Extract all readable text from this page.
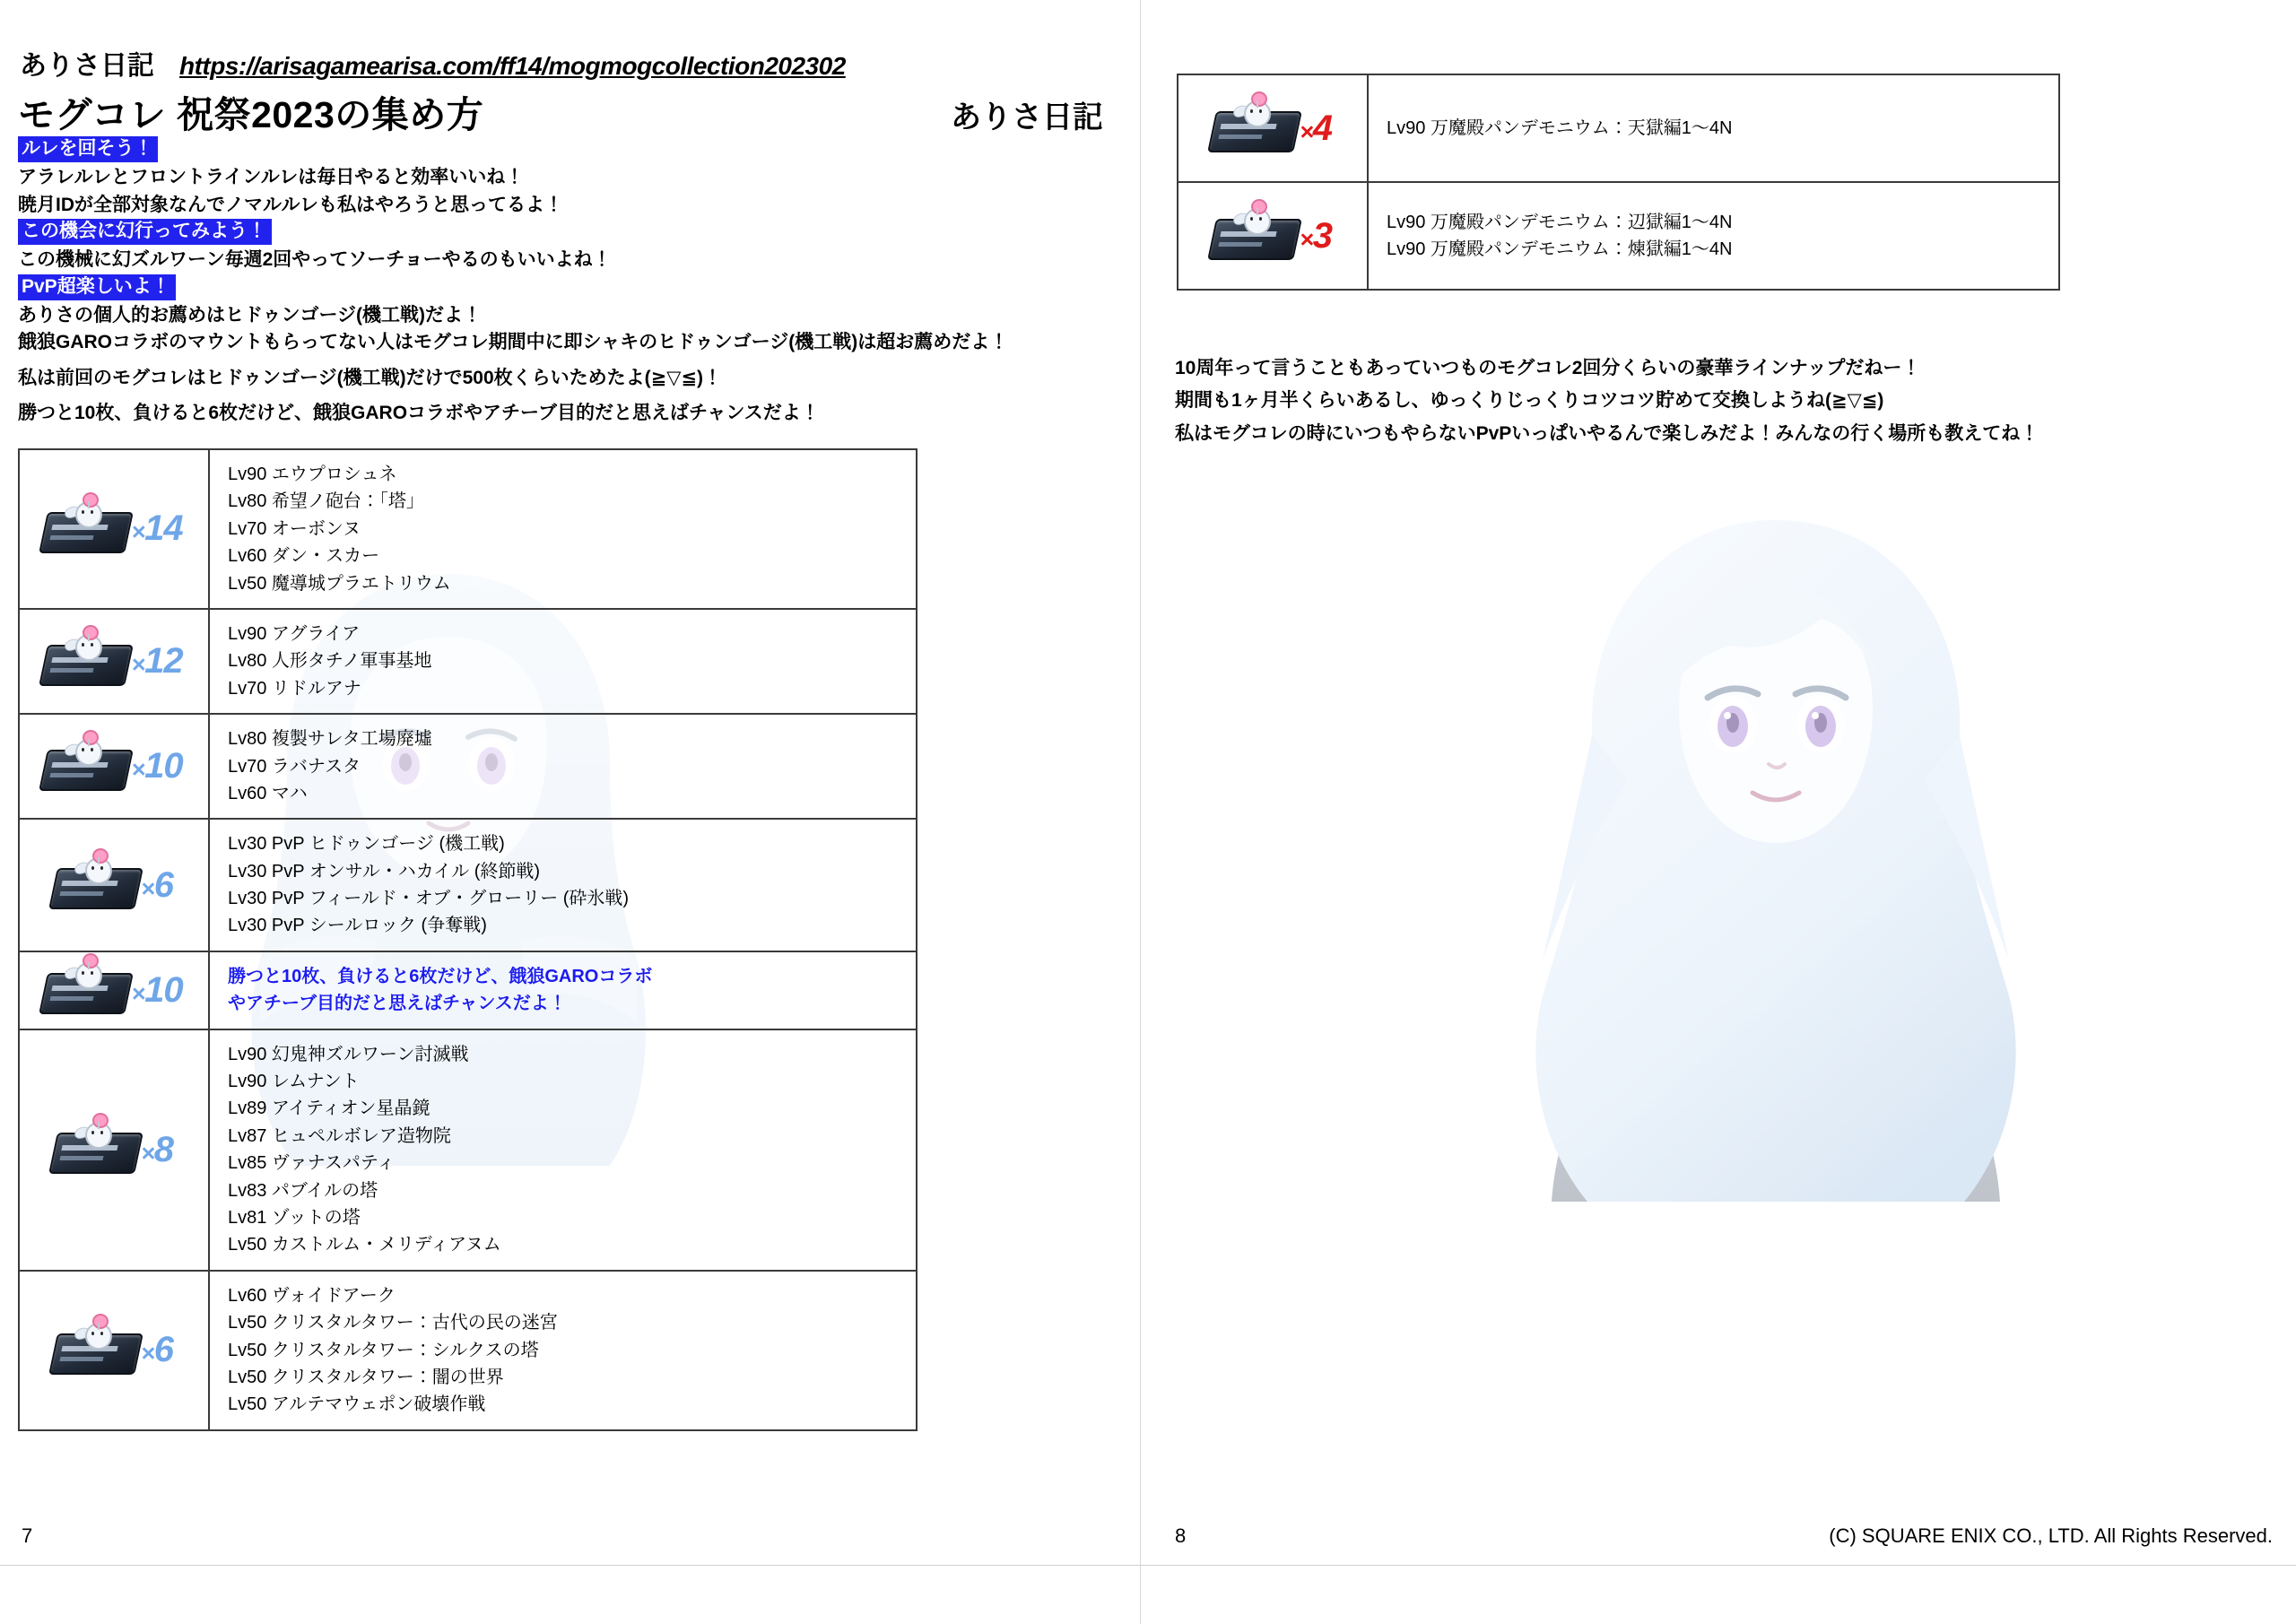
ありさ日記 https://arisagamearisa.com/ff14/mogmogcollection202302
モグコレ 祝祭2023の集め方	ありさ日記
ルレを回そう！
アラレルレとフロントラインルレは毎日やると効率いいね！
暁月IDが全部対象なんでノマルルレも私はやろうと思ってるよ！
この機会に幻行ってみよう！
この機械に幻ズルワーン毎週2回やってソーチョーやるのもいいよね！
PvP超楽しいよ！
ありさの個人的お薦めはヒドゥンゴージ(機工戦)だよ！
餓狼GAROコラボのマウントもらってない人はモグコレ期間中に即シャキのヒドゥンゴージ(機工戦)は超お薦めだよ！
私は前回のモグコレはヒドゥンゴージ(機工戦)だけで500枚くらいためたよ(≧▽≦)！
勝つと10枚、負けると6枚だけど、餓狼GAROコラボやアチーブ目的だと思えばチャンスだよ！
×14
Lv90 エウプロシュネ
Lv80 希望ノ砲台：「塔」
Lv70 オーボンヌ
Lv60 ダン・スカー
Lv50 魔導城プラエトリウム
×12
Lv90 アグライア
Lv80 人形タチノ軍事基地
Lv70 リドルアナ
×10
Lv80 複製サレタ工場廃墟
Lv70 ラバナスタ
Lv60 マハ
×6
Lv30 PvP ヒドゥンゴージ (機工戦)
Lv30 PvP オンサル・ハカイル (終節戦)
Lv30 PvP フィールド・オブ・グローリー (砕氷戦)
Lv30 PvP シールロック (争奪戦)
×10	勝つと10枚、負けると6枚だけど、餓狼GAROコラボ
やアチーブ目的だと思えばチャンスだよ！
×8
Lv90 幻鬼神ズルワーン討滅戦
Lv90 レムナント
Lv89 アイティオン星晶鏡
Lv87 ヒュペルボレア造物院
Lv85 ヴァナスパティ
Lv83 パブイルの塔
Lv81 ゾットの塔
Lv50 カストルム・メリディアヌム
×6
Lv60 ヴォイドアーク
Lv50 クリスタルタワー：古代の民の迷宮
Lv50 クリスタルタワー：シルクスの塔
Lv50 クリスタルタワー：闇の世界
Lv50 アルテマウェポン破壊作戦
7
×4	Lv90 万魔殿パンデモニウム：天獄編1〜4N
×3	Lv90 万魔殿パンデモニウム：辺獄編1〜4N
Lv90 万魔殿パンデモニウム：煉獄編1〜4N
10周年って言うこともあっていつものモグコレ2回分くらいの豪華ラインナップだねー！
期間も1ヶ月半くらいあるし、ゆっくりじっくりコツコツ貯めて交換しようね(≧▽≦)
私はモグコレの時にいつもやらないPvPいっぱいやるんで楽しみだよ！みんなの行く場所も教えてね！
8	(C) SQUARE ENIX CO., LTD. All Rights Reserved.
